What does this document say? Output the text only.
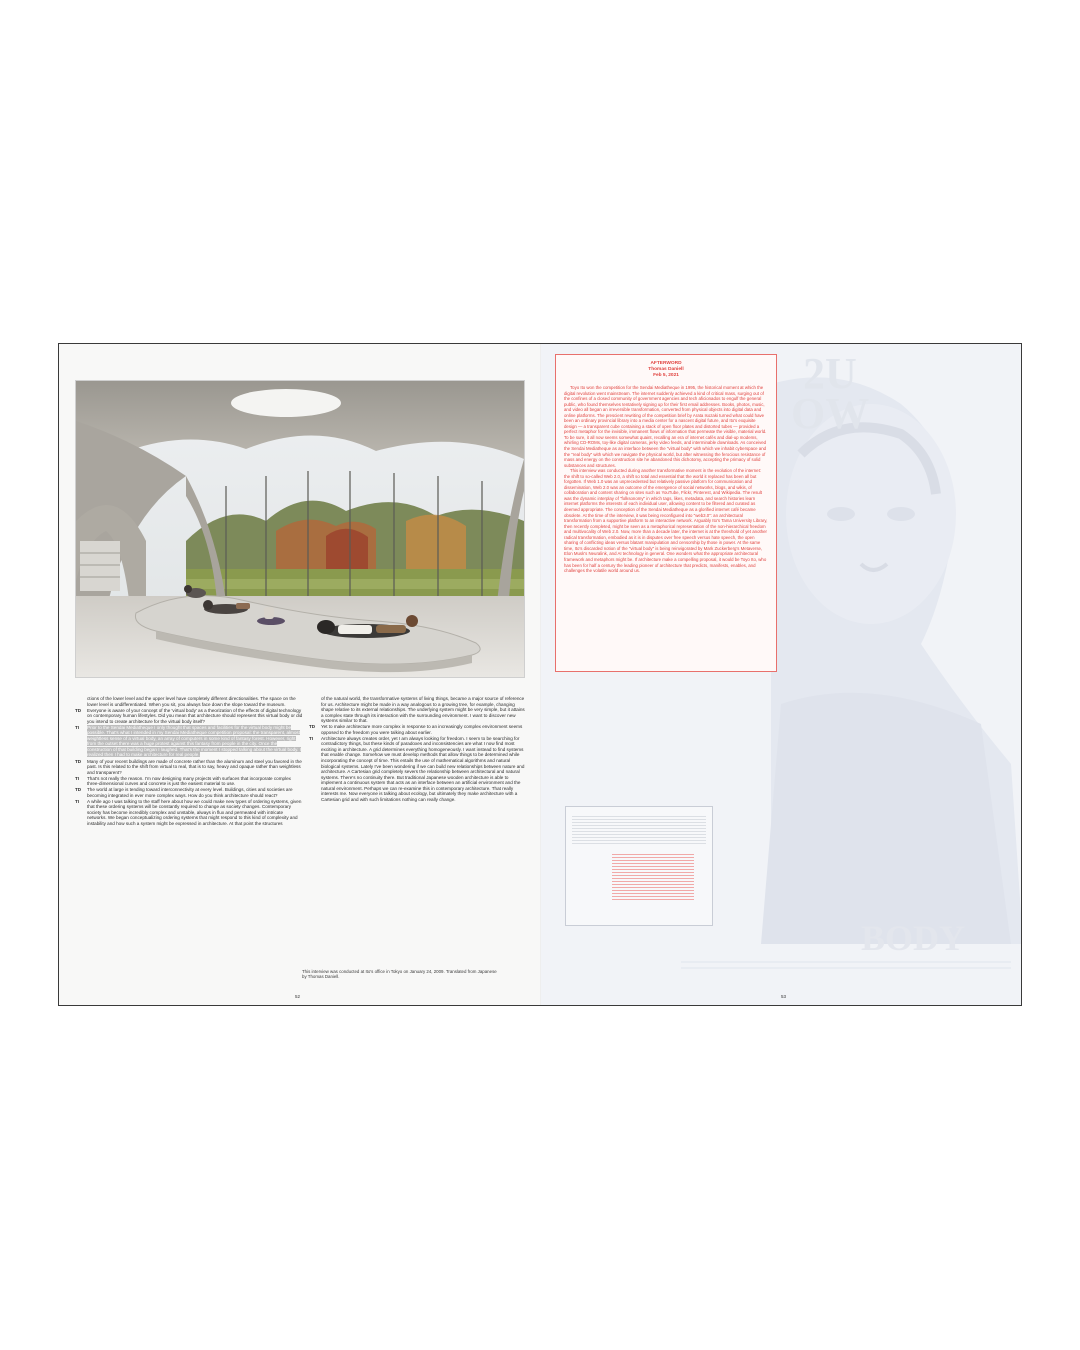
ctions of the lower level and the upper level have completely different directionalities. The space on the lower level is undifferentiated. When you sit, you always face down the slope toward the museum.

TD Everyone is aware of your concept of the 'virtual body' as a theorization of the effects of digital technology on contemporary human lifestyles. Did you mean that architecture should represent this virtual body or did you intend to create architecture for the virtual body itself?

TI Prior to the Sendai Mediatheque I only thought that spaces and facilities for the virtual body might be possible. That's what I intended in my Sendai Mediatheque competition proposal: the transparent, almost weightless sense of a virtual body, an array of computers in some kind of fantasy forest. However, right from the outset there was a huge protest against this fantasy from people in the city. Once the construction of that building began I laughed. That's the moment I stopped talking about the virtual body. I realized then I had to make architecture for real people.

TD Many of your recent buildings are made of concrete rather than the aluminum and steel you favored in the past. Is this related to the shift from virtual to real, that is to say, heavy and opaque rather than weightless and transparent?

TI That's not really the reason. I'm now designing many projects with surfaces that incorporate complex three-dimensional curves and concrete is just the easiest material to use.

TD The world at large is tending toward interconnectivity at every level. Buildings, cities and societies are becoming integrated in ever more complex ways. How do you think architecture should react?

TI A while ago I was talking to the staff here about how we could make new types of ordering systems, given that these ordering systems will be constantly required to change as society changes. Contemporary society has become incredibly complex and unstable, always in flux and permeated with intricate networks. We began conceptualizing ordering systems that might respond to this kind of complexity and instability and how such a system might be expressed in architecture. At that point the structures

of the natural world, the transformative systems of living things, became a major source of reference for us. Architecture might be made in a way analogous to a growing tree, for example, changing shape relative to its external relationships. The underlying system might be very simple, but it attains a complex state through its interaction with the surrounding environment. I want to discover new systems similar to that.

TD Yet to make architecture more complex in response to an increasingly complex environment seems opposed to the freedom you were talking about earlier.

TI Architecture always creates order, yet I am always looking for freedom. I seem to be searching for contradictory things, but these kinds of paradoxes and inconsistencies are what I now find most exciting in architecture. A grid determines everything homogeneously. I want instead to find systems that enable change. Somehow we must develop methods that allow things to be determined while incorporating the concept of time. This entails the use of mathematical algorithms and natural biological systems. Lately I've been wondering if we can build new relationships between nature and architecture. A Cartesian grid completely severs the relationship between architectural and natural systems. There's no continuity there. But traditional Japanese wooden architecture is able to implement a continuous system that acts as an interface between an artificial environment and the natural environment. Perhaps we can re-examine this in contemporary architecture. That really interests me. Now everyone is talking about ecology, but ultimately they make architecture with a Cartesian grid and with such limitations nothing can really change.

This interview was conducted at Ito's office in Tokyo on January 24, 2009. Translated from Japanese by Thomas Daniell.
52
2U
OW
BODY
AFTERWORD
Thomas Daniell
Feb 5, 2021

Toyo Ito won the competition for the Sendai Mediatheque in 1995, the historical moment at which the digital revolution went mainstream. The internet suddenly achieved a kind of critical mass, surging out of the confines of a closed community of government agencies and tech aficionados to engulf the general public, who found themselves tentatively signing up for their first email addresses. Books, photos, music, and video all began an irreversible transformation, converted from physical objects into digital data and online platforms. The prescient rewriting of the competition brief by Arata Isozaki turned what could have been an ordinary provincial library into a media center for a nascent digital future, and Ito's exquisite design — a transparent cube containing a stack of open floor plates and distorted tubes — provided a perfect metaphor for the invisible, immanent flows of information that permeate the visible, material world. To be sure, it all now seems somewhat quaint, recalling an era of internet cafés and dial-up modems, whirling CD-ROMs, toy-like digital cameras, jerky video feeds, and interminable downloads. As conceived the Sendai Mediatheque as an interface between the "virtual body" with which we inhabit cyberspace and the "real body" with which we navigate the physical world, but after witnessing the ferocious resistance of mass and energy on the construction site he abandoned this dichotomy, accepting the primacy of solid substances and structures.

This interview was conducted during another transformative moment in the evolution of the internet: the shift to so-called Web 2.0, a shift so total and essential that the world it replaced has been all but forgotten. If Web 1.0 was an unprecedented but relatively passive platform for communication and dissemination, Web 2.0 was an outcome of the emergence of social networks, blogs, and wikis, of collaboration and content sharing on sites such as YouTube, Flickr, Pinterest, and Wikipedia. The result was the dynamic interplay of "folksonomy" in which tags, likes, metadata, and search histories learn internet platforms the interests of each individual user, allowing content to be filtered and curated as deemed appropriate. The conception of the Sendai Mediatheque as a glorified internet café became obsolete. At the time of the interview, it was being reconfigured into "web3.0": an architectural transformation from a supportive platform to an interactive network. Arguably Ito's Tama University Library, then recently completed, might be seen as a metaphorical representation of the non-hierarchical freedom and multivocality of Web 2.0. Now, more than a decade later, the internet is at the threshold of yet another radical transformation, embodied as it is in disputes over free speech versus hate speech, the open sharing of conflicting ideas versus blatant manipulation and censorship by those in power. At the same time, Ito's discarded notion of the "virtual body" is being reinvigorated by Mark Zuckerberg's Metaverse, Elon Musk's Neuralink, and AI technology in general. One wonders what the appropriate architectural framework and metaphors might be. If architecture make a compelling proposal, it would be Toyo Ito, who has been for half a century the leading pioneer of architecture that predicts, manifests, enables, and challenges the volatile world around us.

53
